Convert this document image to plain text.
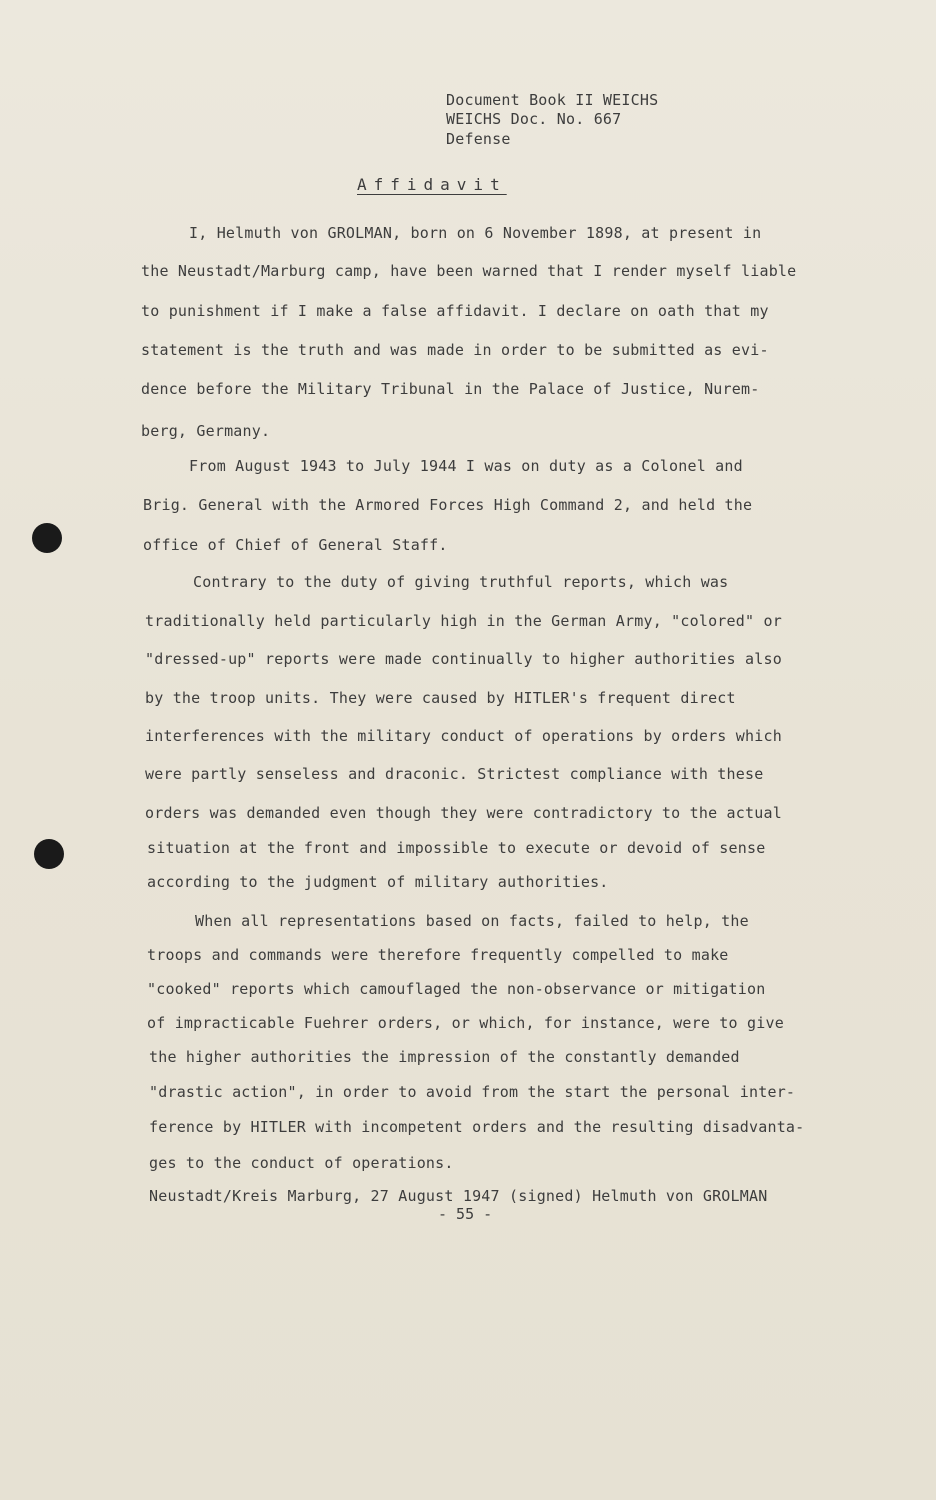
Document Book II WEICHS
WEICHS Doc. No. 667
Defense
Affidavit
I, Helmuth von GROLMAN, born on 6 November 1898, at present in
the Neustadt/Marburg camp, have been warned that I render myself liable
to punishment if I make a false affidavit. I declare on oath that my
statement is the truth and was made in order to be submitted as evi-
dence before the Military Tribunal in the Palace of Justice, Nurem-
berg, Germany.
From August 1943 to July 1944 I was on duty as a Colonel and
Brig. General with the Armored Forces High Command 2, and held the
office of Chief of General Staff.
Contrary to the duty of giving truthful reports, which was
traditionally held particularly high in the German Army, "colored" or
"dressed-up" reports were made continually to higher authorities also
by the troop units. They were caused by HITLER's frequent direct
interferences with the military conduct of operations by orders which
were partly senseless and draconic. Strictest compliance with these
orders was demanded even though they were contradictory to the actual
situation at the front and impossible to execute or devoid of sense
according to the judgment of military authorities.
When all representations based on facts, failed to help, the
troops and commands were therefore frequently compelled to make
"cooked" reports which camouflaged the non-observance or mitigation
of impracticable Fuehrer orders, or which, for instance, were to give
the higher authorities the impression of the constantly demanded
"drastic action", in order to avoid from the start the personal inter-
ference by HITLER with incompetent orders and the resulting disadvanta-
ges to the conduct of operations.
Neustadt/Kreis Marburg, 27 August 1947 (signed) Helmuth von GROLMAN
- 55 -
